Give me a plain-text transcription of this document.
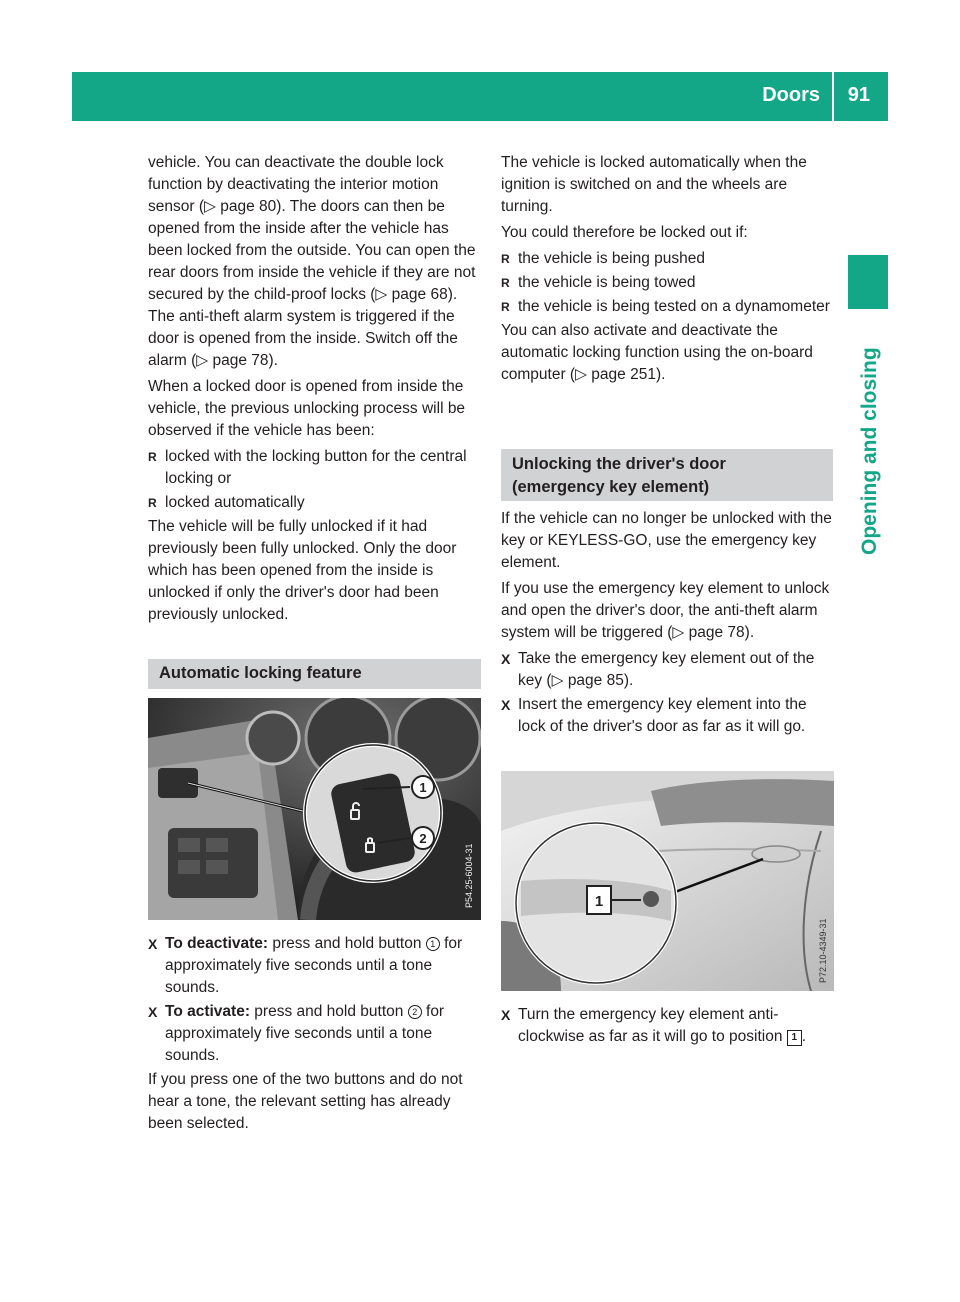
Doors 91
Opening and closing

vehicle. You can deactivate the double lock function by deactivating the interior motion sensor (▷ page 80). The doors can then be opened from the inside after the vehicle has been locked from the outside. You can open the rear doors from inside the vehicle if they are not secured by the child-proof locks (▷ page 68). The anti-theft alarm system is triggered if the door is opened from the inside. Switch off the alarm (▷ page 78).

When a locked door is opened from inside the vehicle, the previous unlocking process will be observed if the vehicle has been:

R locked with the locking button for the central locking or
R locked automatically

The vehicle will be fully unlocked if it had previously been fully unlocked. Only the door which has been opened from the inside is unlocked if only the driver's door had been previously unlocked.

Automatic locking feature
1
2
P54.25-6004-31
X To deactivate: press and hold button 1 for approximately five seconds until a tone sounds.
X To activate: press and hold button 2 for approximately five seconds until a tone sounds.

If you press one of the two buttons and do not hear a tone, the relevant setting has already been selected.

The vehicle is locked automatically when the ignition is switched on and the wheels are turning.

You could therefore be locked out if:

R the vehicle is being pushed
R the vehicle is being towed
R the vehicle is being tested on a dynamometer

You can also activate and deactivate the automatic locking function using the on-board computer (▷ page 251).

Unlocking the driver's door (emergency key element)

If the vehicle can no longer be unlocked with the key or KEYLESS-GO, use the emergency key element.

If you use the emergency key element to unlock and open the driver's door, the anti-theft alarm system will be triggered (▷ page 78).

X Take the emergency key element out of the key (▷ page 85).
X Insert the emergency key element into the lock of the driver's door as far as it will go.
1
P72.10-4349-31
X Turn the emergency key element anti-clockwise as far as it will go to position 1 .
